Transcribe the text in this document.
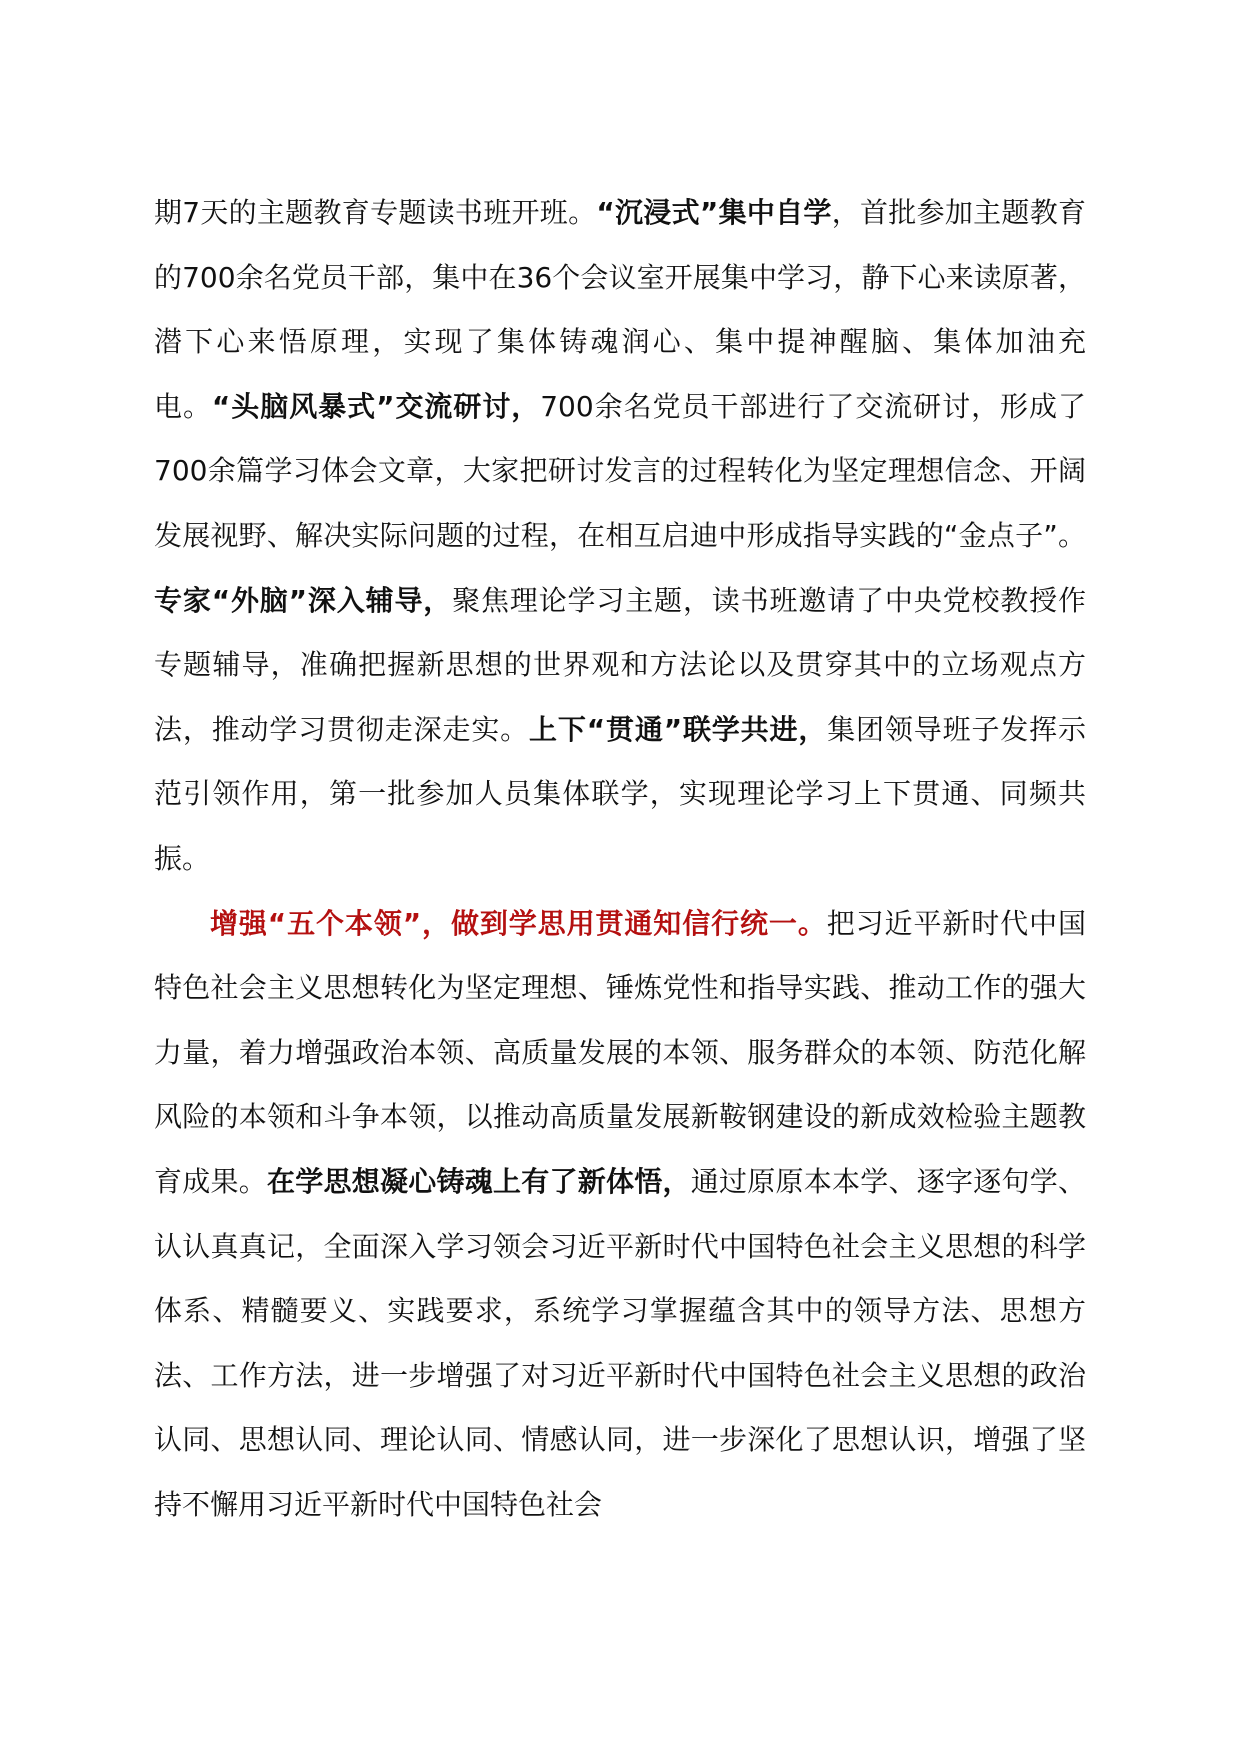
期7天的主题教育专题读书班开班。“沉浸式”集中自学，首批参加主题教育的700余名党员干部，集中在36个会议室开展集中学习，静下心来读原著，潜下心来悟原理，实现了集体铸魂润心、集中提神醒脑、集体加油充电。“头脑风暴式”交流研讨，700余名党员干部进行了交流研讨，形成了700余篇学习体会文章，大家把研讨发言的过程转化为坚定理想信念、开阔发展视野、解决实际问题的过程，在相互启迪中形成指导实践的“金点子”。专家“外脑”深入辅导，聚焦理论学习主题，读书班邀请了中央党校教授作专题辅导，准确把握新思想的世界观和方法论以及贯穿其中的立场观点方法，推动学习贯彻走深走实。上下“贯通”联学共进，集团领导班子发挥示范引领作用，第一批参加人员集体联学，实现理论学习上下贯通、同频共振。

增强“五个本领”，做到学思用贯通知信行统一。把习近平新时代中国特色社会主义思想转化为坚定理想、锤炼党性和指导实践、推动工作的强大力量，着力增强政治本领、高质量发展的本领、服务群众的本领、防范化解风险的本领和斗争本领，以推动高质量发展新鞍钢建设的新成效检验主题教育成果。在学思想凝心铸魂上有了新体悟，通过原原本本学、逐字逐句学、认认真真记，全面深入学习领会习近平新时代中国特色社会主义思想的科学体系、精髓要义、实践要求，系统学习掌握蕴含其中的领导方法、思想方法、工作方法，进一步增强了对习近平新时代中国特色社会主义思想的政治认同、思想认同、理论认同、情感认同，进一步深化了思想认识，增强了坚持不懈用习近平新时代中国特色社会
